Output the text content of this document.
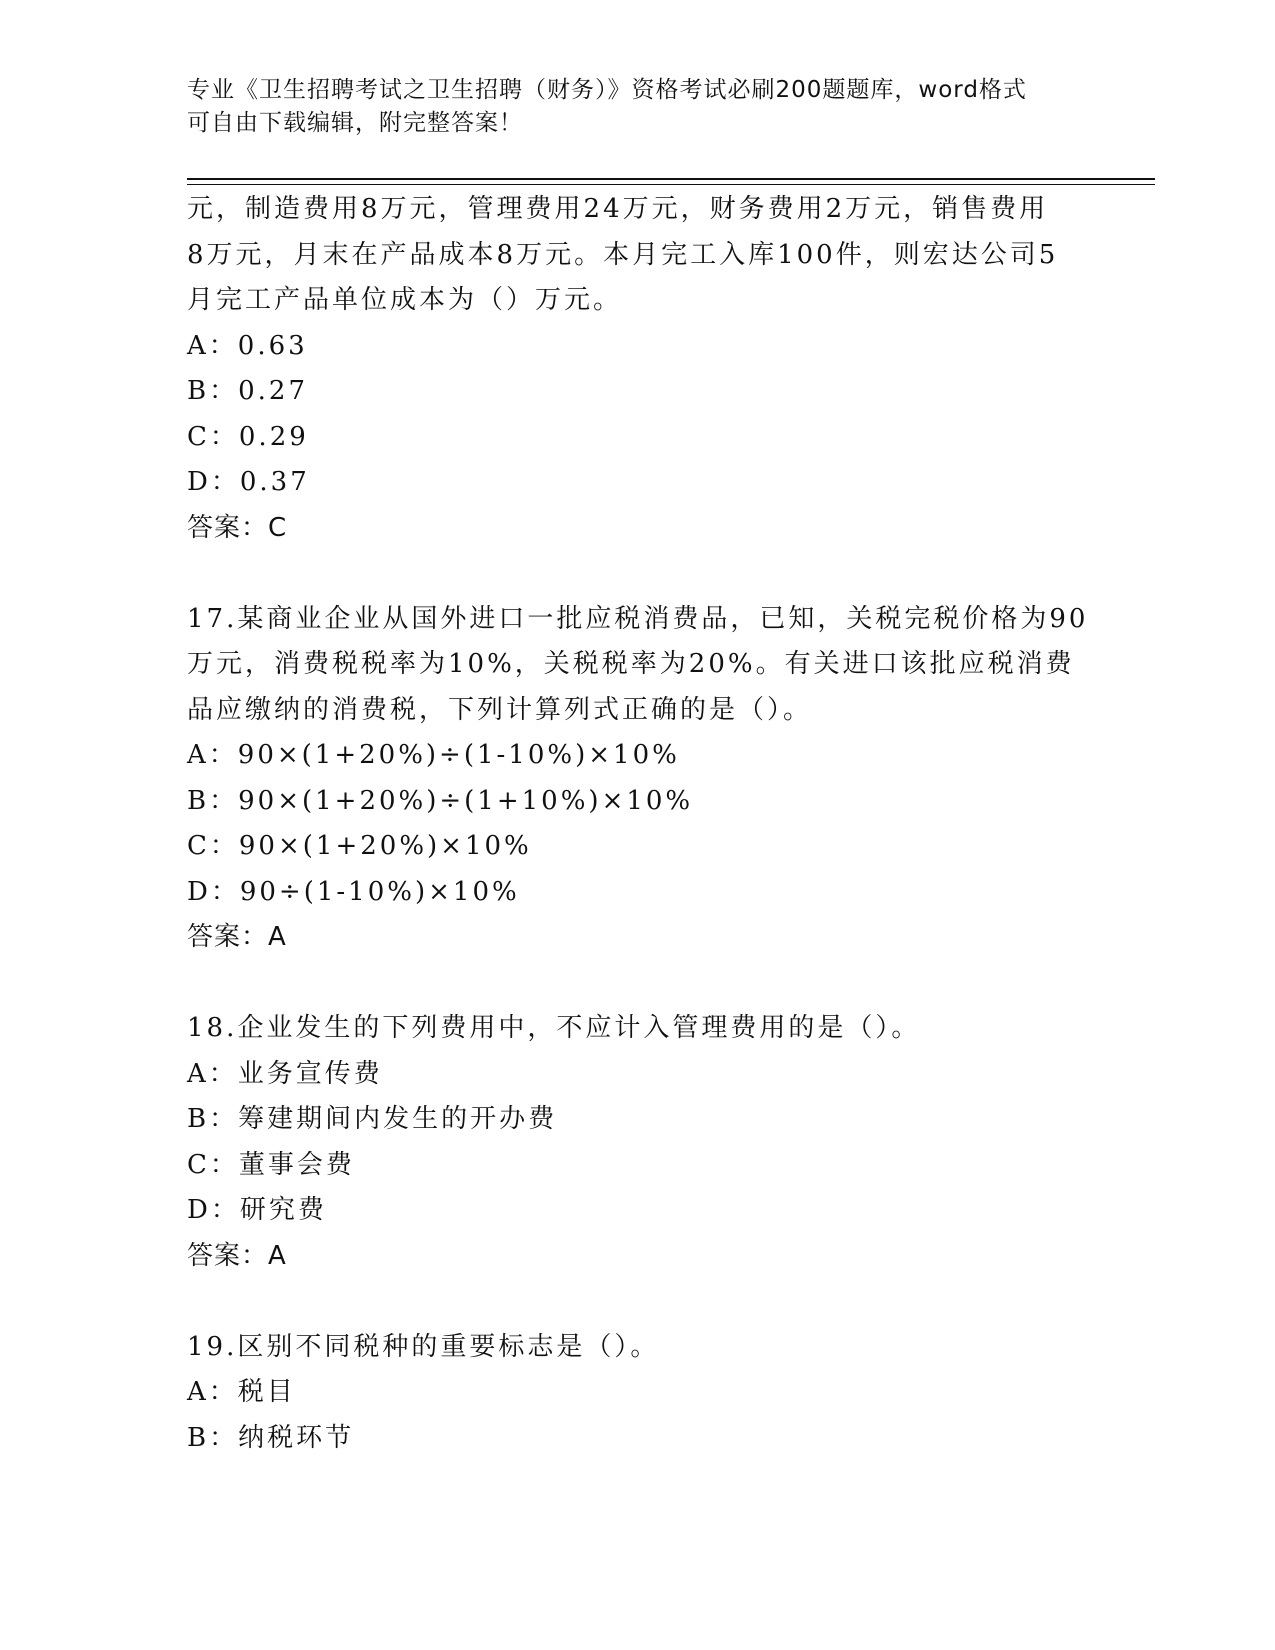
专业《卫生招聘考试之卫生招聘（财务）》资格考试必刷200题题库，word格式
可自由下载编辑，附完整答案！
元，制造费用8万元，管理费用24万元，财务费用2万元，销售费用
8万元，月末在产品成本8万元。本月完工入库100件，则宏达公司5
月完工产品单位成本为（）万元。
A：0.63
B：0.27
C：0.29
D：0.37
答案：C
17.某商业企业从国外进口一批应税消费品，已知，关税完税价格为90
万元，消费税税率为10%，关税税率为20%。有关进口该批应税消费
品应缴纳的消费税，下列计算列式正确的是（）。
A：90×(1+20%)÷(1-10%)×10%
B：90×(1+20%)÷(1+10%)×10%
C：90×(1+20%)×10%
D：90÷(1-10%)×10%
答案：A
18.企业发生的下列费用中，不应计入管理费用的是（）。
A：业务宣传费
B：筹建期间内发生的开办费
C：董事会费
D：研究费
答案：A
19.区别不同税种的重要标志是（）。
A：税目
B：纳税环节
